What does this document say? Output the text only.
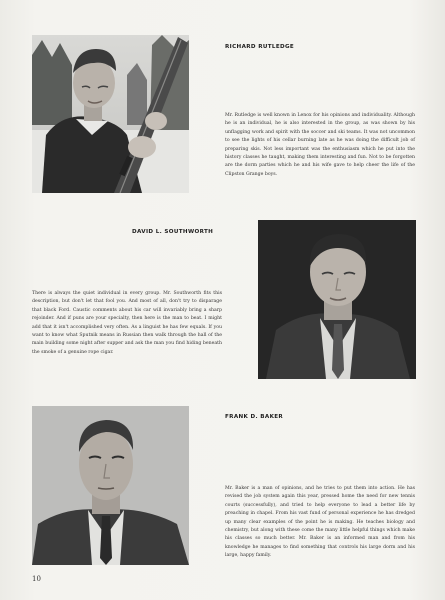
RICHARD RUTLEDGE
Mr. Rutledge is well known in Lenox for his opinions and individuality. Although he is an individual, he is also interested in the group, as was shown by his unflagging work and spirit with the soccer and ski teams. It was not uncommon to see the lights of his cellar burning late as he was doing the difficult job of preparing skis. Not less important was the enthusiasm which he put into the history classes he taught, making them interesting and fun. Not to be forgotten are the dorm parties which he and his wife gave to help cheer the life of the Clipston Grange boys.
DAVID L. SOUTHWORTH
There is always the quiet individual in every group. Mr. Southworth fits this description, but don't let that fool you. And most of all, don't try to disparage that black Ford. Caustic comments about his car will invariably bring a sharp rejoinder. And if puns are your specialty, then here is the man to beat. I might add that it isn't accomplished very often. As a linguist he has few equals. If you want to know what Sputnik means in Russian then walk through the hall of the main building some night after supper and ask the man you find hiding beneath the smoke of a genuine rope cigar.
FRANK D. BAKER
Mr. Baker is a man of opinions, and he tries to put them into action. He has revised the job system again this year, pressed home the need for new tennis courts (successfully), and tried to help everyone to lead a better life by preaching in chapel. From his vast fund of personal experience he has dredged up many clear examples of the point he is making. He teaches biology and chemistry, but along with these come the many little helpful things which make his classes so much better. Mr. Baker is an informed man and from his knowledge he manages to find something that controls his large dorm and his large, happy family.
10
